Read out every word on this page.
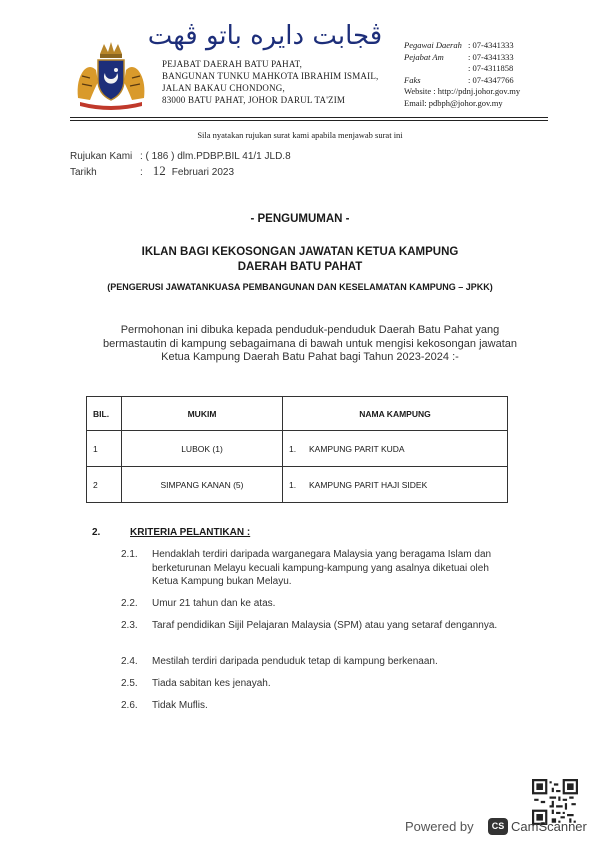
ڤجابت دايره باتو ڤهت
PEJABAT DAERAH BATU PAHAT,
BANGUNAN TUNKU MAHKOTA IBRAHIM ISMAIL,
JALAN BAKAU CHONDONG,
83000 BATU PAHAT, JOHOR DARUL TA'ZIM
Pegawai Daerah : 07-4341333
Pejabat Am	: 07-4341333
: 07-4311858
Faks	: 07-4347766
Website : http://pdnj.johor.gov.my
Email: pdbph@johor.gov.my
Sila nyatakan rujukan surat kami apabila menjawab surat ini
Rujukan Kami : ( 186 ) dlm.PDBP.BIL 41/1 JLD.8
Tarikh	: 12 Februari 2023
- PENGUMUMAN -
IKLAN BAGI KEKOSONGAN JAWATAN KETUA KAMPUNG
DAERAH BATU PAHAT
(PENGERUSI JAWATANKUASA PEMBANGUNAN DAN KESELAMATAN KAMPUNG – JPKK)
Permohonan ini dibuka kepada penduduk-penduduk Daerah Batu Pahat yang bermastautin di kampung sebagaimana di bawah untuk mengisi kekosongan jawatan Ketua Kampung Daerah Batu Pahat bagi Tahun 2023-2024 :-
BIL.	MUKIM	NAMA KAMPUNG
1	LUBOK (1)	1. KAMPUNG PARIT KUDA
2	SIMPANG KANAN (5)	1. KAMPUNG PARIT HAJI SIDEK
2.	KRITERIA PELANTIKAN :
2.1. Hendaklah terdiri daripada warganegara Malaysia yang beragama Islam dan berketurunan Melayu kecuali kampung-kampung yang asalnya diketuai oleh Ketua Kampung bukan Melayu.
2.2. Umur 21 tahun dan ke atas.
2.3. Taraf pendidikan Sijil Pelajaran Malaysia (SPM) atau yang setaraf dengannya.
2.4. Mestilah terdiri daripada penduduk tetap di kampung berkenaan.
2.5. Tiada sabitan kes jenayah.
2.6. Tidak Muflis.
Powered by	CS CamScanner
